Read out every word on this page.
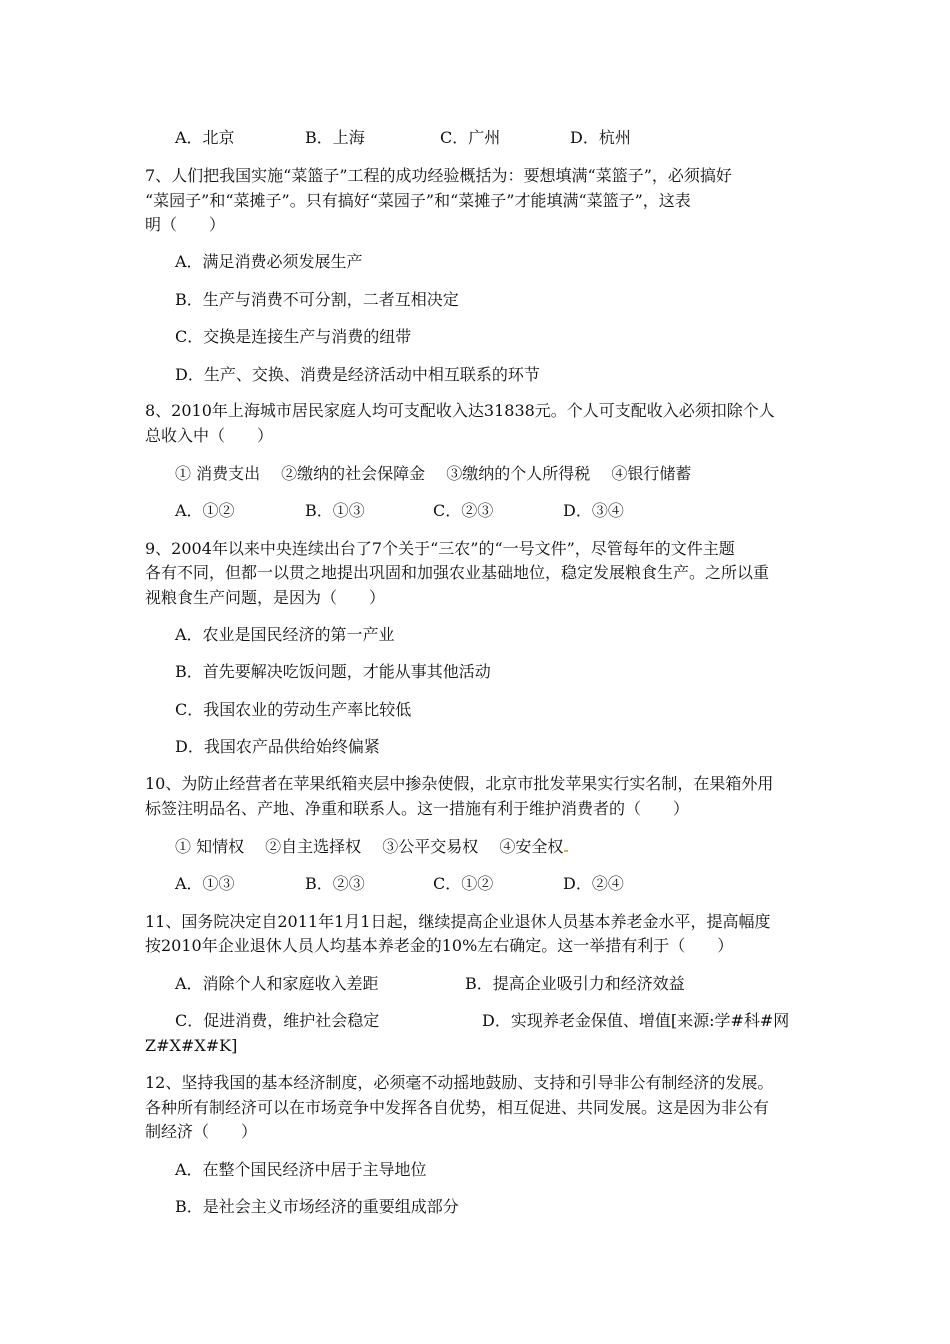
A．北京	B．上海	C．广州	D．杭州
7、人们把我国实施“菜篮子”工程的成功经验概括为：要想填满“菜篮子”，必须搞好
“菜园子”和“菜摊子”。只有搞好“菜园子”和“菜摊子”才能填满“菜篮子”，这表
明（　　）
A．满足消费必须发展生产
B．生产与消费不可分割，二者互相决定
C．交换是连接生产与消费的纽带
D．生产、交换、消费是经济活动中相互联系的环节
8、2010年上海城市居民家庭人均可支配收入达31838元。个人可支配收入必须扣除个人
总收入中（　　）
① 消费支出　 ②缴纳的社会保障金　 ③缴纳的个人所得税　 ④银行储蓄
A．①②	B．①③	C．②③	D．③④
9、2004年以来中央连续出台了7个关于“三农”的“一号文件”，尽管每年的文件主题
各有不同，但都一以贯之地提出巩固和加强农业基础地位，稳定发展粮食生产。之所以重
视粮食生产问题，是因为（　　）
A．农业是国民经济的第一产业
B．首先要解决吃饭问题，才能从事其他活动
C．我国农业的劳动生产率比较低
D．我国农产品供给始终偏紧
10、为防止经营者在苹果纸箱夹层中掺杂使假，北京市批发苹果实行实名制，在果箱外用
标签注明品名、产地、净重和联系人。这一措施有利于维护消费者的（　　）
① 知情权　 ②自主选择权　 ③公平交易权　 ④安全权
A．①③	B．②③	C．①②	D．②④
11、国务院决定自2011年1月1日起，继续提高企业退休人员基本养老金水平，提高幅度
按2010年企业退休人员人均基本养老金的10%左右确定。这一举措有利于（　　）
A．消除个人和家庭收入差距	B．提高企业吸引力和经济效益
C．促进消费，维护社会稳定	D．实现养老金保值、增值[来源:学#科#网
Z#X#X#K]
12、坚持我国的基本经济制度，必须毫不动摇地鼓励、支持和引导非公有制经济的发展。
各种所有制经济可以在市场竞争中发挥各自优势，相互促进、共同发展。这是因为非公有
制经济（　　）
A．在整个国民经济中居于主导地位
B．是社会主义市场经济的重要组成部分
